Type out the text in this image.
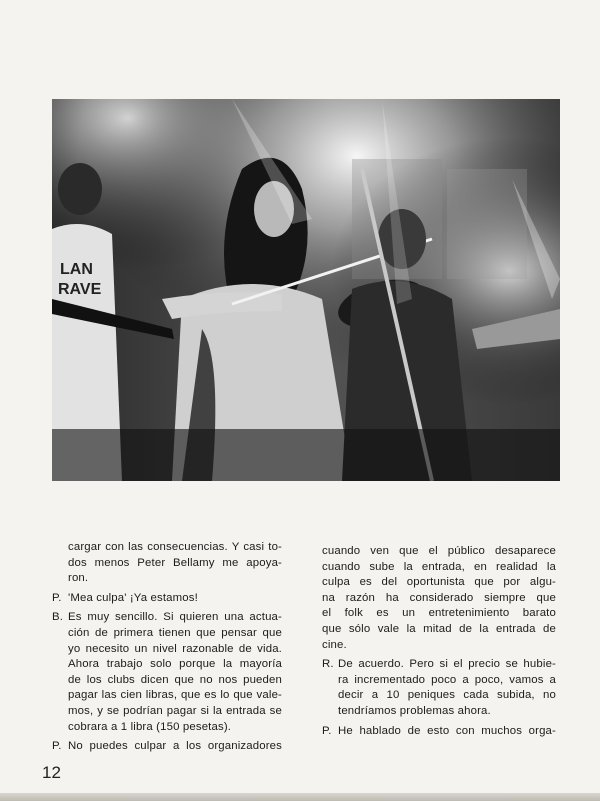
LAN
RAVE
cargar con las consecuencias. Y casi to-
dos menos Peter Bellamy me apoya-
ron.
P. 'Mea culpa' ¡Ya estamos!
B. Es muy sencillo. Si quieren una actua-
ción de primera tienen que pensar que
yo necesito un nivel razonable de vida.
Ahora trabajo solo porque la mayoría
de los clubs dicen que no nos pueden
pagar las cien libras, que es lo que vale-
mos, y se podrían pagar si la entrada se
cobrara a 1 libra (150 pesetas).
P. No puedes culpar a los organizadores
cuando ven que el público desaparece
cuando sube la entrada, en realidad la
culpa es del oportunista que por algu-
na razón ha considerado siempre que
el folk es un entretenimiento barato
que sólo vale la mitad de la entrada de
cine.
R. De acuerdo. Pero si el precio se hubie-
ra incrementado poco a poco, vamos a
decir a 10 peniques cada subida, no
tendríamos problemas ahora.
P. He hablado de esto con muchos orga-
12
